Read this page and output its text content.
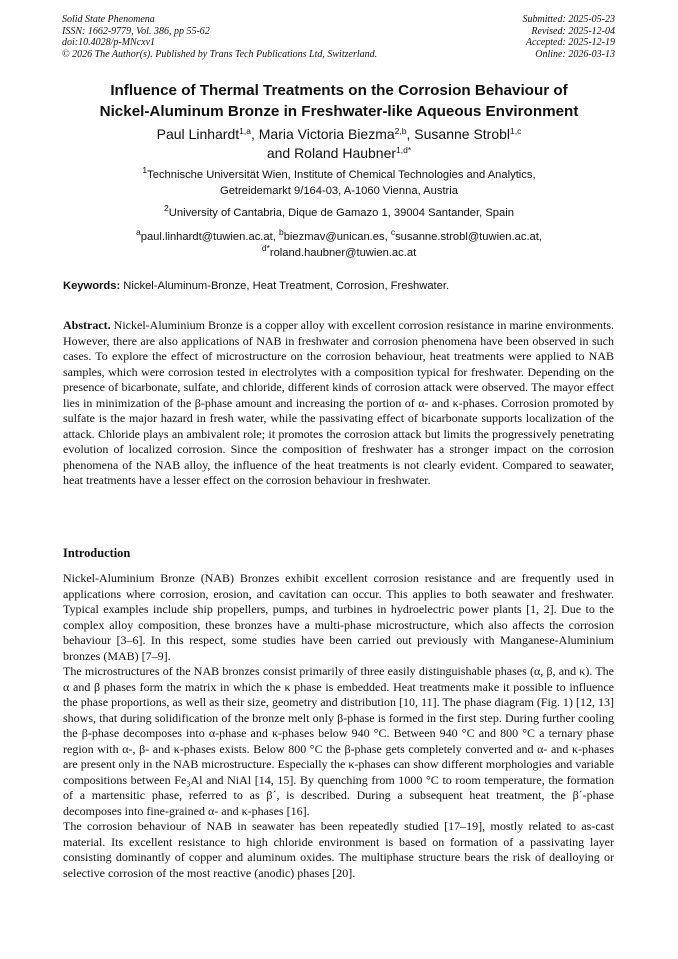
Solid State Phenomena
ISSN: 1662-9779, Vol. 386, pp 55-62
doi:10.4028/p-MNcxv1
© 2026 The Author(s). Published by Trans Tech Publications Ltd, Switzerland.
Submitted: 2025-05-23
Revised: 2025-12-04
Accepted: 2025-12-19
Online: 2026-03-13
Influence of Thermal Treatments on the Corrosion Behaviour of
Nickel-Aluminum Bronze in Freshwater-like Aqueous Environment
Paul Linhardt$^{1,a}$, Maria Victoria Biezma$^{2,b}$, Susanne Strobl$^{1,c}$
and Roland Haubner$^{1,d*}$
$^1$Technische Universität Wien, Institute of Chemical Technologies and Analytics,
Getreidemarkt 9/164-03, A-1060 Vienna, Austria
$^2$University of Cantabria, Dique de Gamazo 1, 39004 Santander, Spain
$^a$paul.linhardt@tuwien.ac.at, $^b$biezmav@unican.es, $^c$susanne.strobl@tuwien.ac.at,
$^{d*}$roland.haubner@tuwien.ac.at
Keywords: Nickel-Aluminum-Bronze, Heat Treatment, Corrosion, Freshwater.
Abstract. Nickel-Aluminium Bronze is a copper alloy with excellent corrosion resistance in marine environments. However, there are also applications of NAB in freshwater and corrosion phenomena have been observed in such cases. To explore the effect of microstructure on the corrosion behaviour, heat treatments were applied to NAB samples, which were corrosion tested in electrolytes with a composition typical for freshwater. Depending on the presence of bicarbonate, sulfate, and chloride, different kinds of corrosion attack were observed. The mayor effect lies in minimization of the β-phase amount and increasing the portion of α- and κ-phases. Corrosion promoted by sulfate is the major hazard in fresh water, while the passivating effect of bicarbonate supports localization of the attack. Chloride plays an ambivalent role; it promotes the corrosion attack but limits the progressively penetrating evolution of localized corrosion. Since the composition of freshwater has a stronger impact on the corrosion phenomena of the NAB alloy, the influence of the heat treatments is not clearly evident. Compared to seawater, heat treatments have a lesser effect on the corrosion behaviour in freshwater.
Introduction

Nickel-Aluminium Bronze (NAB) Bronzes exhibit excellent corrosion resistance and are frequently used in applications where corrosion, erosion, and cavitation can occur. This applies to both seawater and freshwater. Typical examples include ship propellers, pumps, and turbines in hydroelectric power plants [1, 2]. Due to the complex alloy composition, these bronzes have a multi-phase microstructure, which also affects the corrosion behaviour [3–6]. In this respect, some studies have been carried out previously with Manganese-Aluminium bronzes (MAB) [7–9].

The microstructures of the NAB bronzes consist primarily of three easily distinguishable phases (α, β, and κ). The α and β phases form the matrix in which the κ phase is embedded. Heat treatments make it possible to influence the phase proportions, as well as their size, geometry and distribution [10, 11]. The phase diagram (Fig. 1) [12, 13] shows, that during solidification of the bronze melt only β-phase is formed in the first step. During further cooling the β-phase decomposes into α-phase and κ-phases below 940 °C. Between 940 °C and 800 °C a ternary phase region with α-, β- and κ-phases exists. Below 800 °C the β-phase gets completely converted and α- and κ-phases are present only in the NAB microstructure. Especially the κ-phases can show different morphologies and variable compositions between Fe₃Al and NiAl [14, 15]. By quenching from 1000 °C to room temperature, the formation of a martensitic phase, referred to as β´, is described. During a subsequent heat treatment, the β´-phase decomposes into fine-grained α- and κ-phases [16].

The corrosion behaviour of NAB in seawater has been repeatedly studied [17–19], mostly related to as-cast material. Its excellent resistance to high chloride environment is based on formation of a passivating layer consisting dominantly of copper and aluminum oxides. The multiphase structure bears the risk of dealloying or selective corrosion of the most reactive (anodic) phases [20].
